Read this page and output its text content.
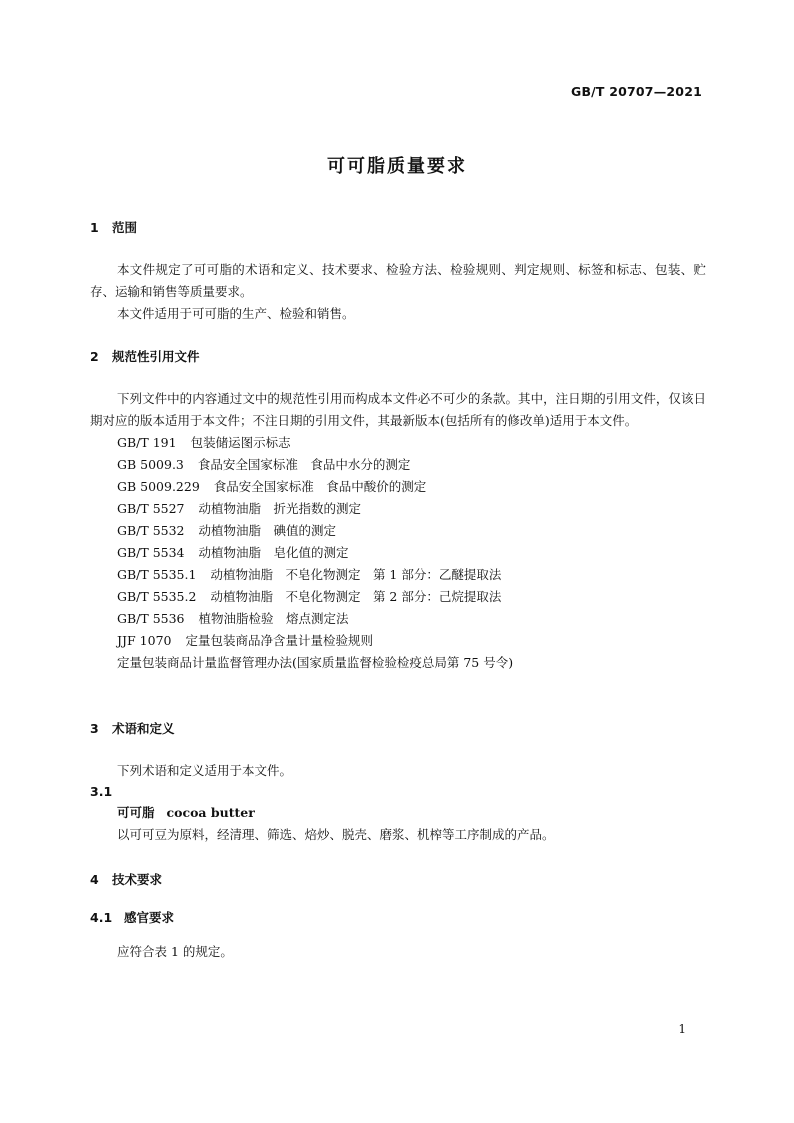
GB/T 20707—2021
可可脂质量要求
1 范围

本文件规定了可可脂的术语和定义、技术要求、检验方法、检验规则、判定规则、标签和标志、包装、贮存、运输和销售等质量要求。

本文件适用于可可脂的生产、检验和销售。

2 规范性引用文件

下列文件中的内容通过文中的规范性引用而构成本文件必不可少的条款。其中，注日期的引用文件，仅该日期对应的版本适用于本文件；不注日期的引用文件，其最新版本(包括所有的修改单)适用于本文件。

GB/T 191 包装储运图示标志
GB 5009.3 食品安全国家标准　食品中水分的测定
GB 5009.229 食品安全国家标准　食品中酸价的测定
GB/T 5527 动植物油脂　折光指数的测定
GB/T 5532 动植物油脂　碘值的测定
GB/T 5534 动植物油脂　皂化值的测定
GB/T 5535.1 动植物油脂　不皂化物测定　第 1 部分：乙醚提取法
GB/T 5535.2 动植物油脂　不皂化物测定　第 2 部分：己烷提取法
GB/T 5536 植物油脂检验　熔点测定法
JJF 1070 定量包装商品净含量计量检验规则
定量包装商品计量监督管理办法(国家质量监督检验检疫总局第 75 号令)
3 术语和定义

下列术语和定义适用于本文件。

3.1
可可脂 cocoa butter
以可可豆为原料，经清理、筛选、焙炒、脱壳、磨浆、机榨等工序制成的产品。
4 技术要求
4.1 感官要求

应符合表 1 的规定。

1
